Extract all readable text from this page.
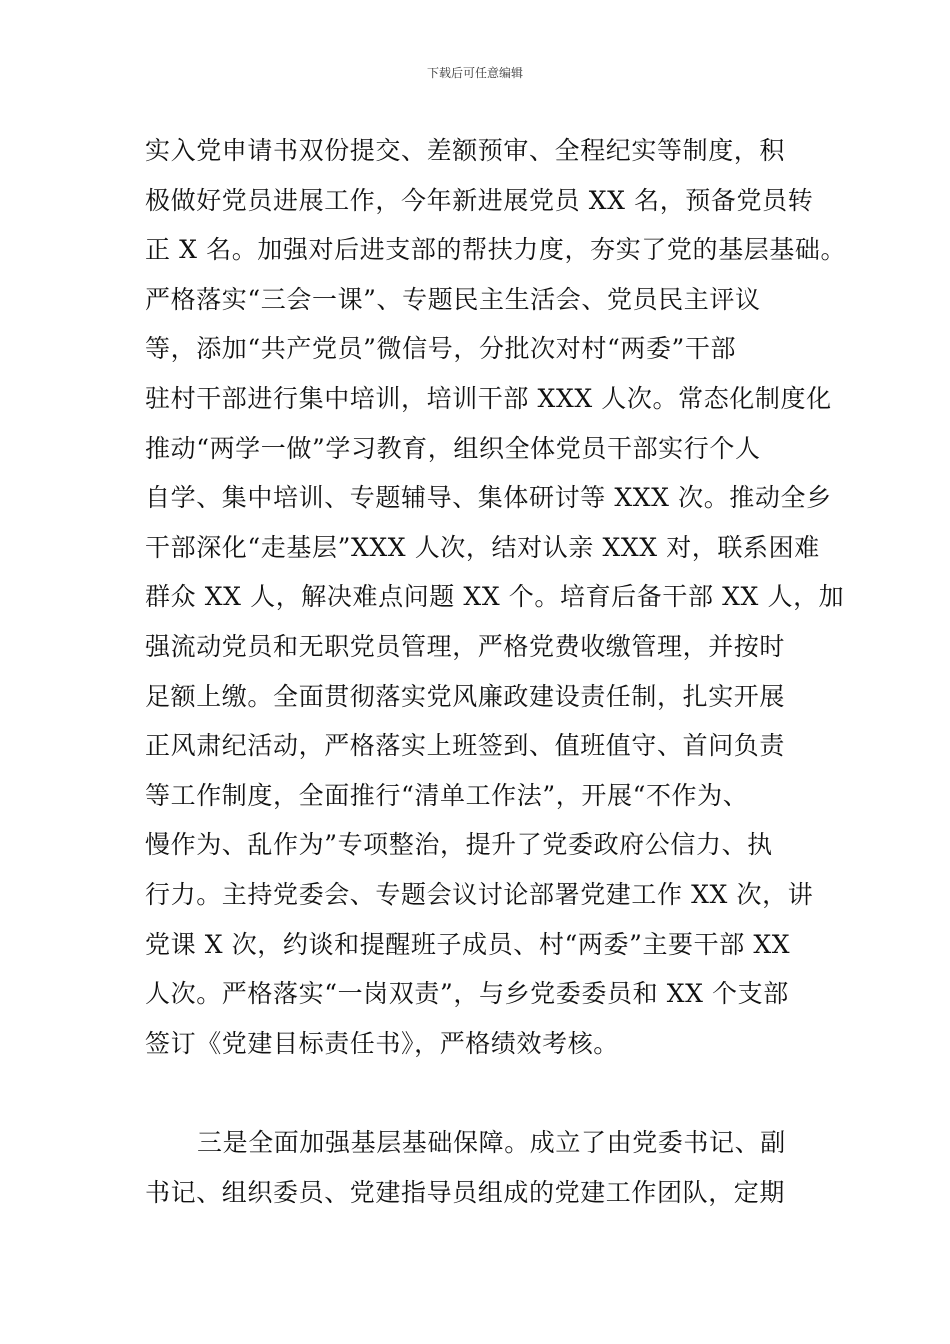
下载后可任意编辑
实入党申请书双份提交、差额预审、全程纪实等制度，积
极做好党员进展工作，今年新进展党员 XX 名，预备党员转
正 X 名。加强对后进支部的帮扶力度，夯实了党的基层基础。
严格落实“三会一课”、专题民主生活会、党员民主评议
等，添加“共产党员”微信号，分批次对村“两委”干部
驻村干部进行集中培训，培训干部 XXX 人次。常态化制度化
推动“两学一做”学习教育，组织全体党员干部实行个人
自学、集中培训、专题辅导、集体研讨等 XXX 次。推动全乡
干部深化“走基层”XXX 人次，结对认亲 XXX 对，联系困难
群众 XX 人，解决难点问题 XX 个。培育后备干部 XX 人，加
强流动党员和无职党员管理，严格党费收缴管理，并按时
足额上缴。全面贯彻落实党风廉政建设责任制，扎实开展
正风肃纪活动，严格落实上班签到、值班值守、首问负责
等工作制度，全面推行“清单工作法”，开展“不作为、
慢作为、乱作为”专项整治，提升了党委政府公信力、执
行力。主持党委会、专题会议讨论部署党建工作 XX 次，讲
党课 X 次，约谈和提醒班子成员、村“两委”主要干部 XX
人次。严格落实“一岗双责”，与乡党委委员和 XX 个支部
签订《党建目标责任书》，严格绩效考核。
三是全面加强基层基础保障。成立了由党委书记、副
书记、组织委员、党建指导员组成的党建工作团队，定期
